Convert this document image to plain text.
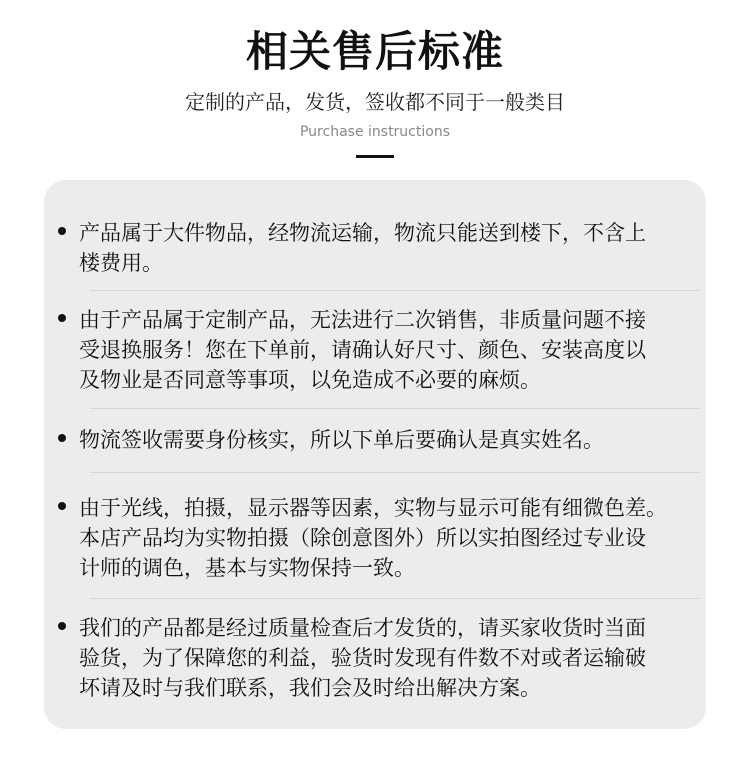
相关售后标准
定制的产品，发货，签收都不同于一般类目
Purchase instructions
产品属于大件物品，经物流运输，物流只能送到楼下，不含上
楼费用。
由于产品属于定制产品，无法进行二次销售，非质量问题不接
受退换服务！您在下单前，请确认好尺寸、颜色、安装高度以
及物业是否同意等事项，以免造成不必要的麻烦。
物流签收需要身份核实，所以下单后要确认是真实姓名。
由于光线，拍摄，显示器等因素，实物与显示可能有细微色差。
本店产品均为实物拍摄（除创意图外）所以实拍图经过专业设
计师的调色，基本与实物保持一致。
我们的产品都是经过质量检查后才发货的，请买家收货时当面
验货，为了保障您的利益，验货时发现有件数不对或者运输破
坏请及时与我们联系，我们会及时给出解决方案。
